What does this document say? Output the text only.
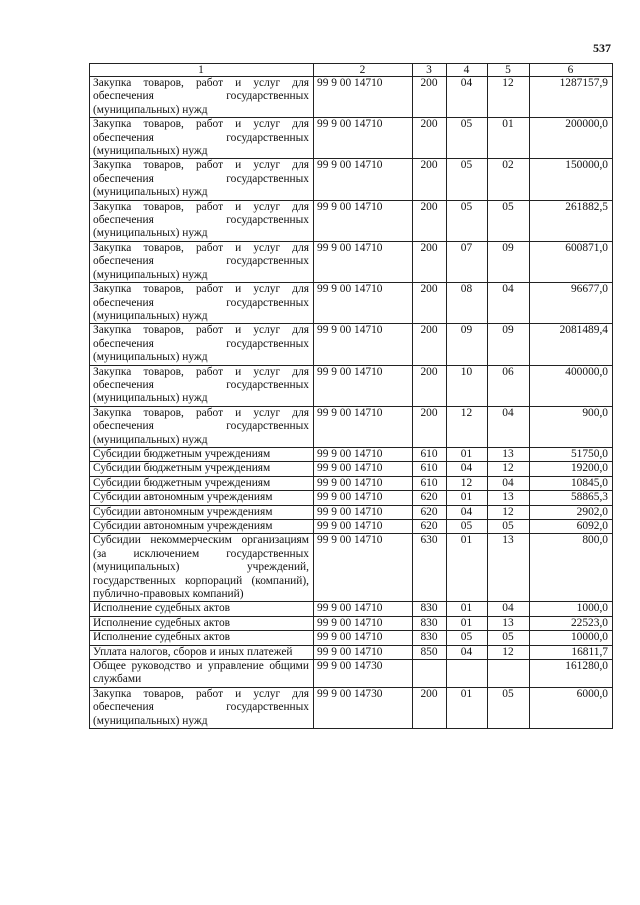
537
1	2	3	4	5	6
Закупка товаров, работ и услуг для обеспечения государственных (муниципальных) нужд	99 9 00 14710	200	04	12	1287157,9
Закупка товаров, работ и услуг для обеспечения государственных (муниципальных) нужд	99 9 00 14710	200	05	01	200000,0
Закупка товаров, работ и услуг для обеспечения государственных (муниципальных) нужд	99 9 00 14710	200	05	02	150000,0
Закупка товаров, работ и услуг для обеспечения государственных (муниципальных) нужд	99 9 00 14710	200	05	05	261882,5
Закупка товаров, работ и услуг для обеспечения государственных (муниципальных) нужд	99 9 00 14710	200	07	09	600871,0
Закупка товаров, работ и услуг для обеспечения государственных (муниципальных) нужд	99 9 00 14710	200	08	04	96677,0
Закупка товаров, работ и услуг для обеспечения государственных (муниципальных) нужд	99 9 00 14710	200	09	09	2081489,4
Закупка товаров, работ и услуг для обеспечения государственных (муниципальных) нужд	99 9 00 14710	200	10	06	400000,0
Закупка товаров, работ и услуг для обеспечения государственных (муниципальных) нужд	99 9 00 14710	200	12	04	900,0
Субсидии бюджетным учреждениям	99 9 00 14710	610	01	13	51750,0
Субсидии бюджетным учреждениям	99 9 00 14710	610	04	12	19200,0
Субсидии бюджетным учреждениям	99 9 00 14710	610	12	04	10845,0
Субсидии автономным учреждениям	99 9 00 14710	620	01	13	58865,3
Субсидии автономным учреждениям	99 9 00 14710	620	04	12	2902,0
Субсидии автономным учреждениям	99 9 00 14710	620	05	05	6092,0
Субсидии некоммерческим организациям (за исключением государственных (муниципальных) учреждений, государственных корпораций (компаний), публично-правовых компаний)	99 9 00 14710	630	01	13	800,0
Исполнение судебных актов	99 9 00 14710	830	01	04	1000,0
Исполнение судебных актов	99 9 00 14710	830	01	13	22523,0
Исполнение судебных актов	99 9 00 14710	830	05	05	10000,0
Уплата налогов, сборов и иных платежей	99 9 00 14710	850	04	12	16811,7
Общее руководство и управление общими службами	99 9 00 14730				161280,0
Закупка товаров, работ и услуг для обеспечения государственных (муниципальных) нужд	99 9 00 14730	200	01	05	6000,0
